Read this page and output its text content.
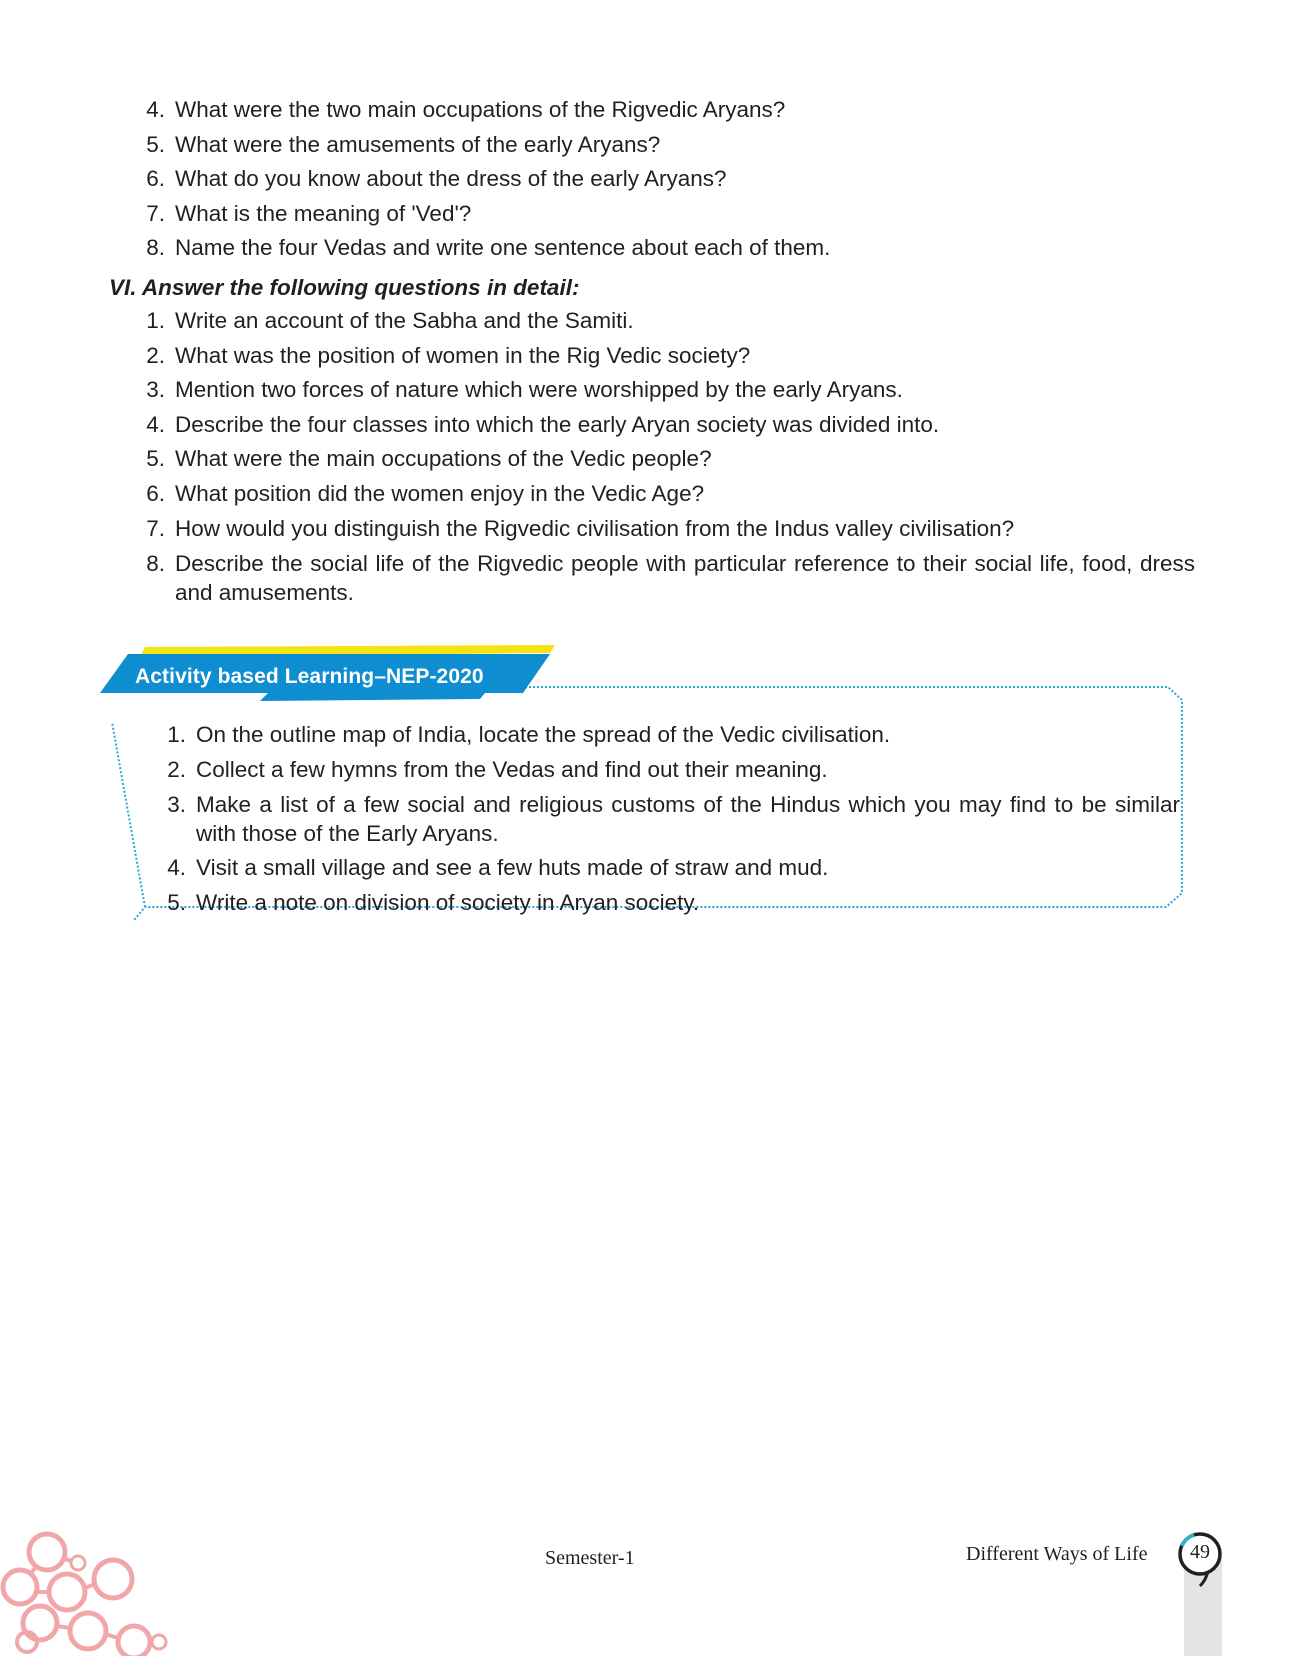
4. What were the two main occupations of the Rigvedic Aryans?
5. What were the amusements of the early Aryans?
6. What do you know about the dress of the early Aryans?
7. What is the meaning of 'Ved'?
8. Name the four Vedas and write one sentence about each of them.
VI. Answer the following questions in detail:
1. Write an account of the Sabha and the Samiti.
2. What was the position of women in the Rig Vedic society?
3. Mention two forces of nature which were worshipped by the early Aryans.
4. Describe the four classes into which the early Aryan society was divided into.
5. What were the main occupations of the Vedic people?
6. What position did the women enjoy in the Vedic Age?
7. How would you distinguish the Rigvedic civilisation from the Indus valley civilisation?
8. Describe the social life of the Rigvedic people with particular reference to their social life, food, dress and amusements.
Activity based Learning–NEP-2020
1. On the outline map of India, locate the spread of the Vedic civilisation.
2. Collect a few hymns from the Vedas and find out their meaning.
3. Make a list of a few social and religious customs of the Hindus which you may find to be similar with those of the Early Aryans.
4. Visit a small village and see a few huts made of straw and mud.
5. Write a note on division of society in Aryan society.
Semester-1	Different Ways of Life	49
